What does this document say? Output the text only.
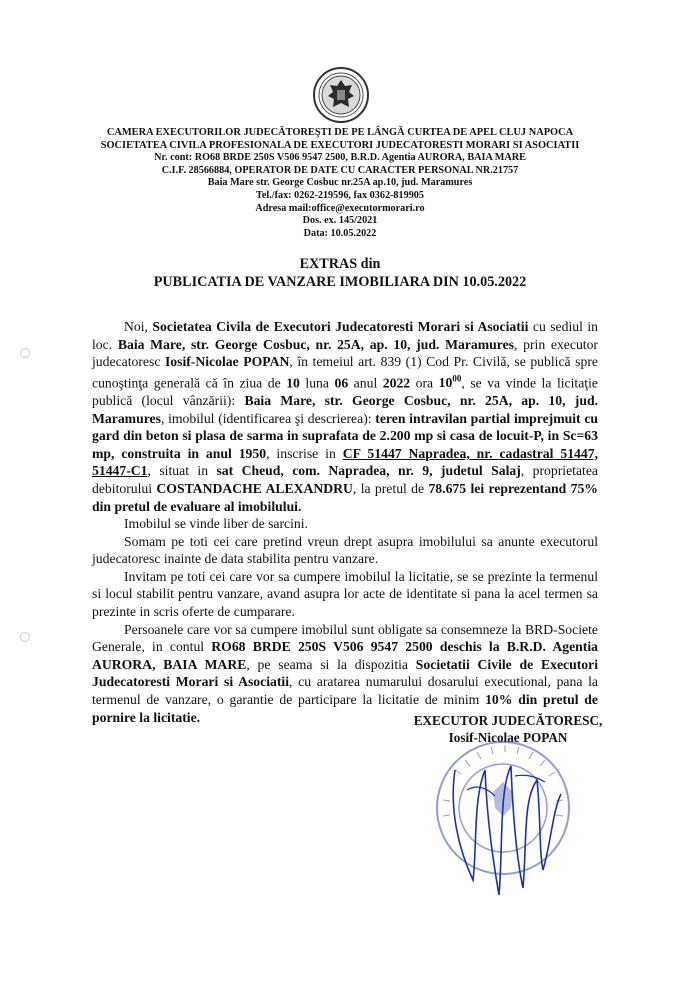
CAMERA EXECUTORILOR JUDECĂTOREŞTI DE PE LÂNGĂ CURTEA DE APEL CLUJ NAPOCA
SOCIETATEA CIVILA PROFESIONALA DE EXECUTORI JUDECATORESTI MORARI SI ASOCIATII
Nr. cont: RO68 BRDE 250S V506 9547 2500, B.R.D. Agentia AURORA, BAIA MARE
C.I.F. 28566884, OPERATOR DE DATE CU CARACTER PERSONAL NR.21757
Baia Mare str. George Cosbuc nr.25A ap.10, jud. Maramures
Tel./fax: 0262-219596, fax 0362-819905
Adresa mail:office@executormorari.ro
Dos. ex. 145/2021
Data: 10.05.2022
EXTRAS din
PUBLICATIA DE VANZARE IMOBILIARA DIN 10.05.2022

Noi, Societatea Civila de Executori Judecatoresti Morari si Asociatii cu sediul in loc. Baia Mare, str. George Cosbuc, nr. 25A, ap. 10, jud. Maramures, prin executor judecatoresc Iosif-Nicolae POPAN, în temeiul art. 839 (1) Cod Pr. Civilă, se publică spre cunoştinţa generală că în ziua de 10 luna 06 anul 2022 ora $10^{00}$, se va vinde la licitaţie publică (locul vânzării): Baia Mare, str. George Cosbuc, nr. 25A, ap. 10, jud. Maramures, imobilul (identificarea şi descrierea): teren intravilan partial imprejmuit cu gard din beton si plasa de sarma in suprafata de 2.200 mp si casa de locuit-P, in Sc=63 mp, construita in anul 1950, inscrise in CF 51447 Napradea, nr. cadastral 51447, 51447-C1, situat in sat Cheud, com. Napradea, nr. 9, judetul Salaj, proprietatea debitorului COSTANDACHE ALEXANDRU, la pretul de 78.675 lei reprezentand 75% din pretul de evaluare al imobilului.

Imobilul se vinde liber de sarcini.

Somam pe toti cei care pretind vreun drept asupra imobilului sa anunte executorul judecatoresc inainte de data stabilita pentru vanzare.

Invitam pe toti cei care vor sa cumpere imobilul la licitatie, se se prezinte la termenul si locul stabilit pentru vanzare, avand asupra lor acte de identitate si pana la acel termen sa prezinte in scris oferte de cumparare.

Persoanele care vor sa cumpere imobilul sunt obligate sa consemneze la BRD-Societe Generale, in contul RO68 BRDE 250S V506 9547 2500 deschis la B.R.D. Agentia AURORA, BAIA MARE, pe seama si la dispozitia Societatii Civile de Executori Judecatoresti Morari si Asociatii, cu aratarea numarului dosarului executional, pana la termenul de vanzare, o garantie de participare la licitatie de minim 10% din pretul de pornire la licitatie.	EXECUTOR JUDECĂTORESC,
Iosif-Nicolae POPAN
